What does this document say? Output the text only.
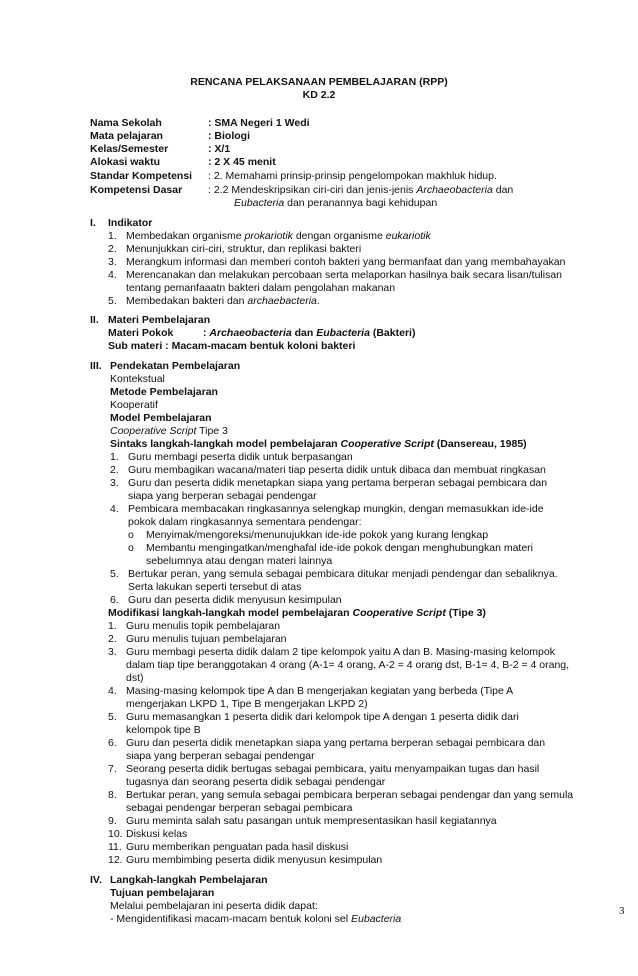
RENCANA PELAKSANAAN PEMBELAJARAN (RPP)
KD 2.2
Nama Sekolah	: SMA Negeri 1 Wedi
Mata pelajaran	: Biologi
Kelas/Semester	: X/1
Alokasi waktu	: 2 X 45 menit
Standar Kompetensi : 2. Memahami prinsip-prinsip pengelompokan makhluk hidup.
Kompetensi Dasar : 2.2 Mendeskripsikan ciri-ciri dan jenis-jenis Archaeobacteria dan
Eubacteria dan peranannya bagi kehidupan
I. Indikator
1. Membedakan organisme prokariotik dengan organisme eukariotik
2. Menunjukkan ciri-ciri, struktur, dan replikasi bakteri
3. Merangkum informasi dan memberi contoh bakteri yang bermanfaat dan yang membahayakan
4. Merencanakan dan melakukan percobaan serta melaporkan hasilnya baik secara lisan/tulisan
tentang pemanfaaatn bakteri dalam pengolahan makanan
5. Membedakan bakteri dan archaebacteria.
II. Materi Pembelajaran
Materi Pokok	: Archaeobacteria dan Eubacteria (Bakteri)
Sub materi : Macam-macam bentuk koloni bakteri
III. Pendekatan Pembelajaran
Kontekstual
Metode Pembelajaran
Kooperatif
Model Pembelajaran
Cooperative Script Tipe 3
Sintaks langkah-langkah model pembelajaran Cooperative Script (Dansereau, 1985)
1. Guru membagi peserta didik untuk berpasangan
2. Guru membagikan wacana/materi tiap peserta didik untuk dibaca dan membuat ringkasan
3. Guru dan peserta didik menetapkan siapa yang pertama berperan sebagai pembicara dan
siapa yang berperan sebagai pendengar
4. Pembicara membacakan ringkasannya selengkap mungkin, dengan memasukkan ide-ide
pokok dalam ringkasannya sementara pendengar:
o Menyimak/mengoreksi/menunujukkan ide-ide pokok yang kurang lengkap
o Membantu mengingatkan/menghafal ide-ide pokok dengan menghubungkan materi
sebelumnya atau dengan materi lainnya
5. Bertukar peran, yang semula sebagai pembicara ditukar menjadi pendengar dan sebaliknya.
Serta lakukan seperti tersebut di atas
6. Guru dan peserta didik menyusun kesimpulan
Modifikasi langkah-langkah model pembelajaran Cooperative Script (Tipe 3)
1. Guru menulis topik pembelajaran
2. Guru menulis tujuan pembelajaran
3. Guru membagi peserta didik dalam 2 tipe kelompok yaitu A dan B. Masing-masing kelompok
dalam tiap tipe beranggotakan 4 orang (A-1= 4 orang, A-2 = 4 orang dst, B-1= 4, B-2 = 4 orang,
dst)
4. Masing-masing kelompok tipe A dan B mengerjakan kegiatan yang berbeda (Tipe A
mengerjakan LKPD 1, Tipe B mengerjakan LKPD 2)
5. Guru memasangkan 1 peserta didik dari kelompok tipe A dengan 1 peserta didik dari
kelompok tipe B
6. Guru dan peserta didik menetapkan siapa yang pertama berperan sebagai pembicara dan
siapa yang berperan sebagai pendengar
7. Seorang peserta didik bertugas sebagai pembicara, yaitu menyampaikan tugas dan hasil
tugasnya dan seorang peserta didik sebagai pendengar
8. Bertukar peran, yang semula sebagai pembicara berperan sebagai pendengar dan yang semula
sebagai pendengar berperan sebagai pembicara
9. Guru meminta salah satu pasangan untuk mempresentasikan hasil kegiatannya
10. Diskusi kelas
11. Guru memberikan penguatan pada hasil diskusi
12. Guru membimbing peserta didik menyusun kesimpulan
IV. Langkah-langkah Pembelajaran
Tujuan pembelajaran
Melalui pembelajaran ini peserta didik dapat:
- Mengidentifikasi macam-macam bentuk koloni sel Eubacteria
3
